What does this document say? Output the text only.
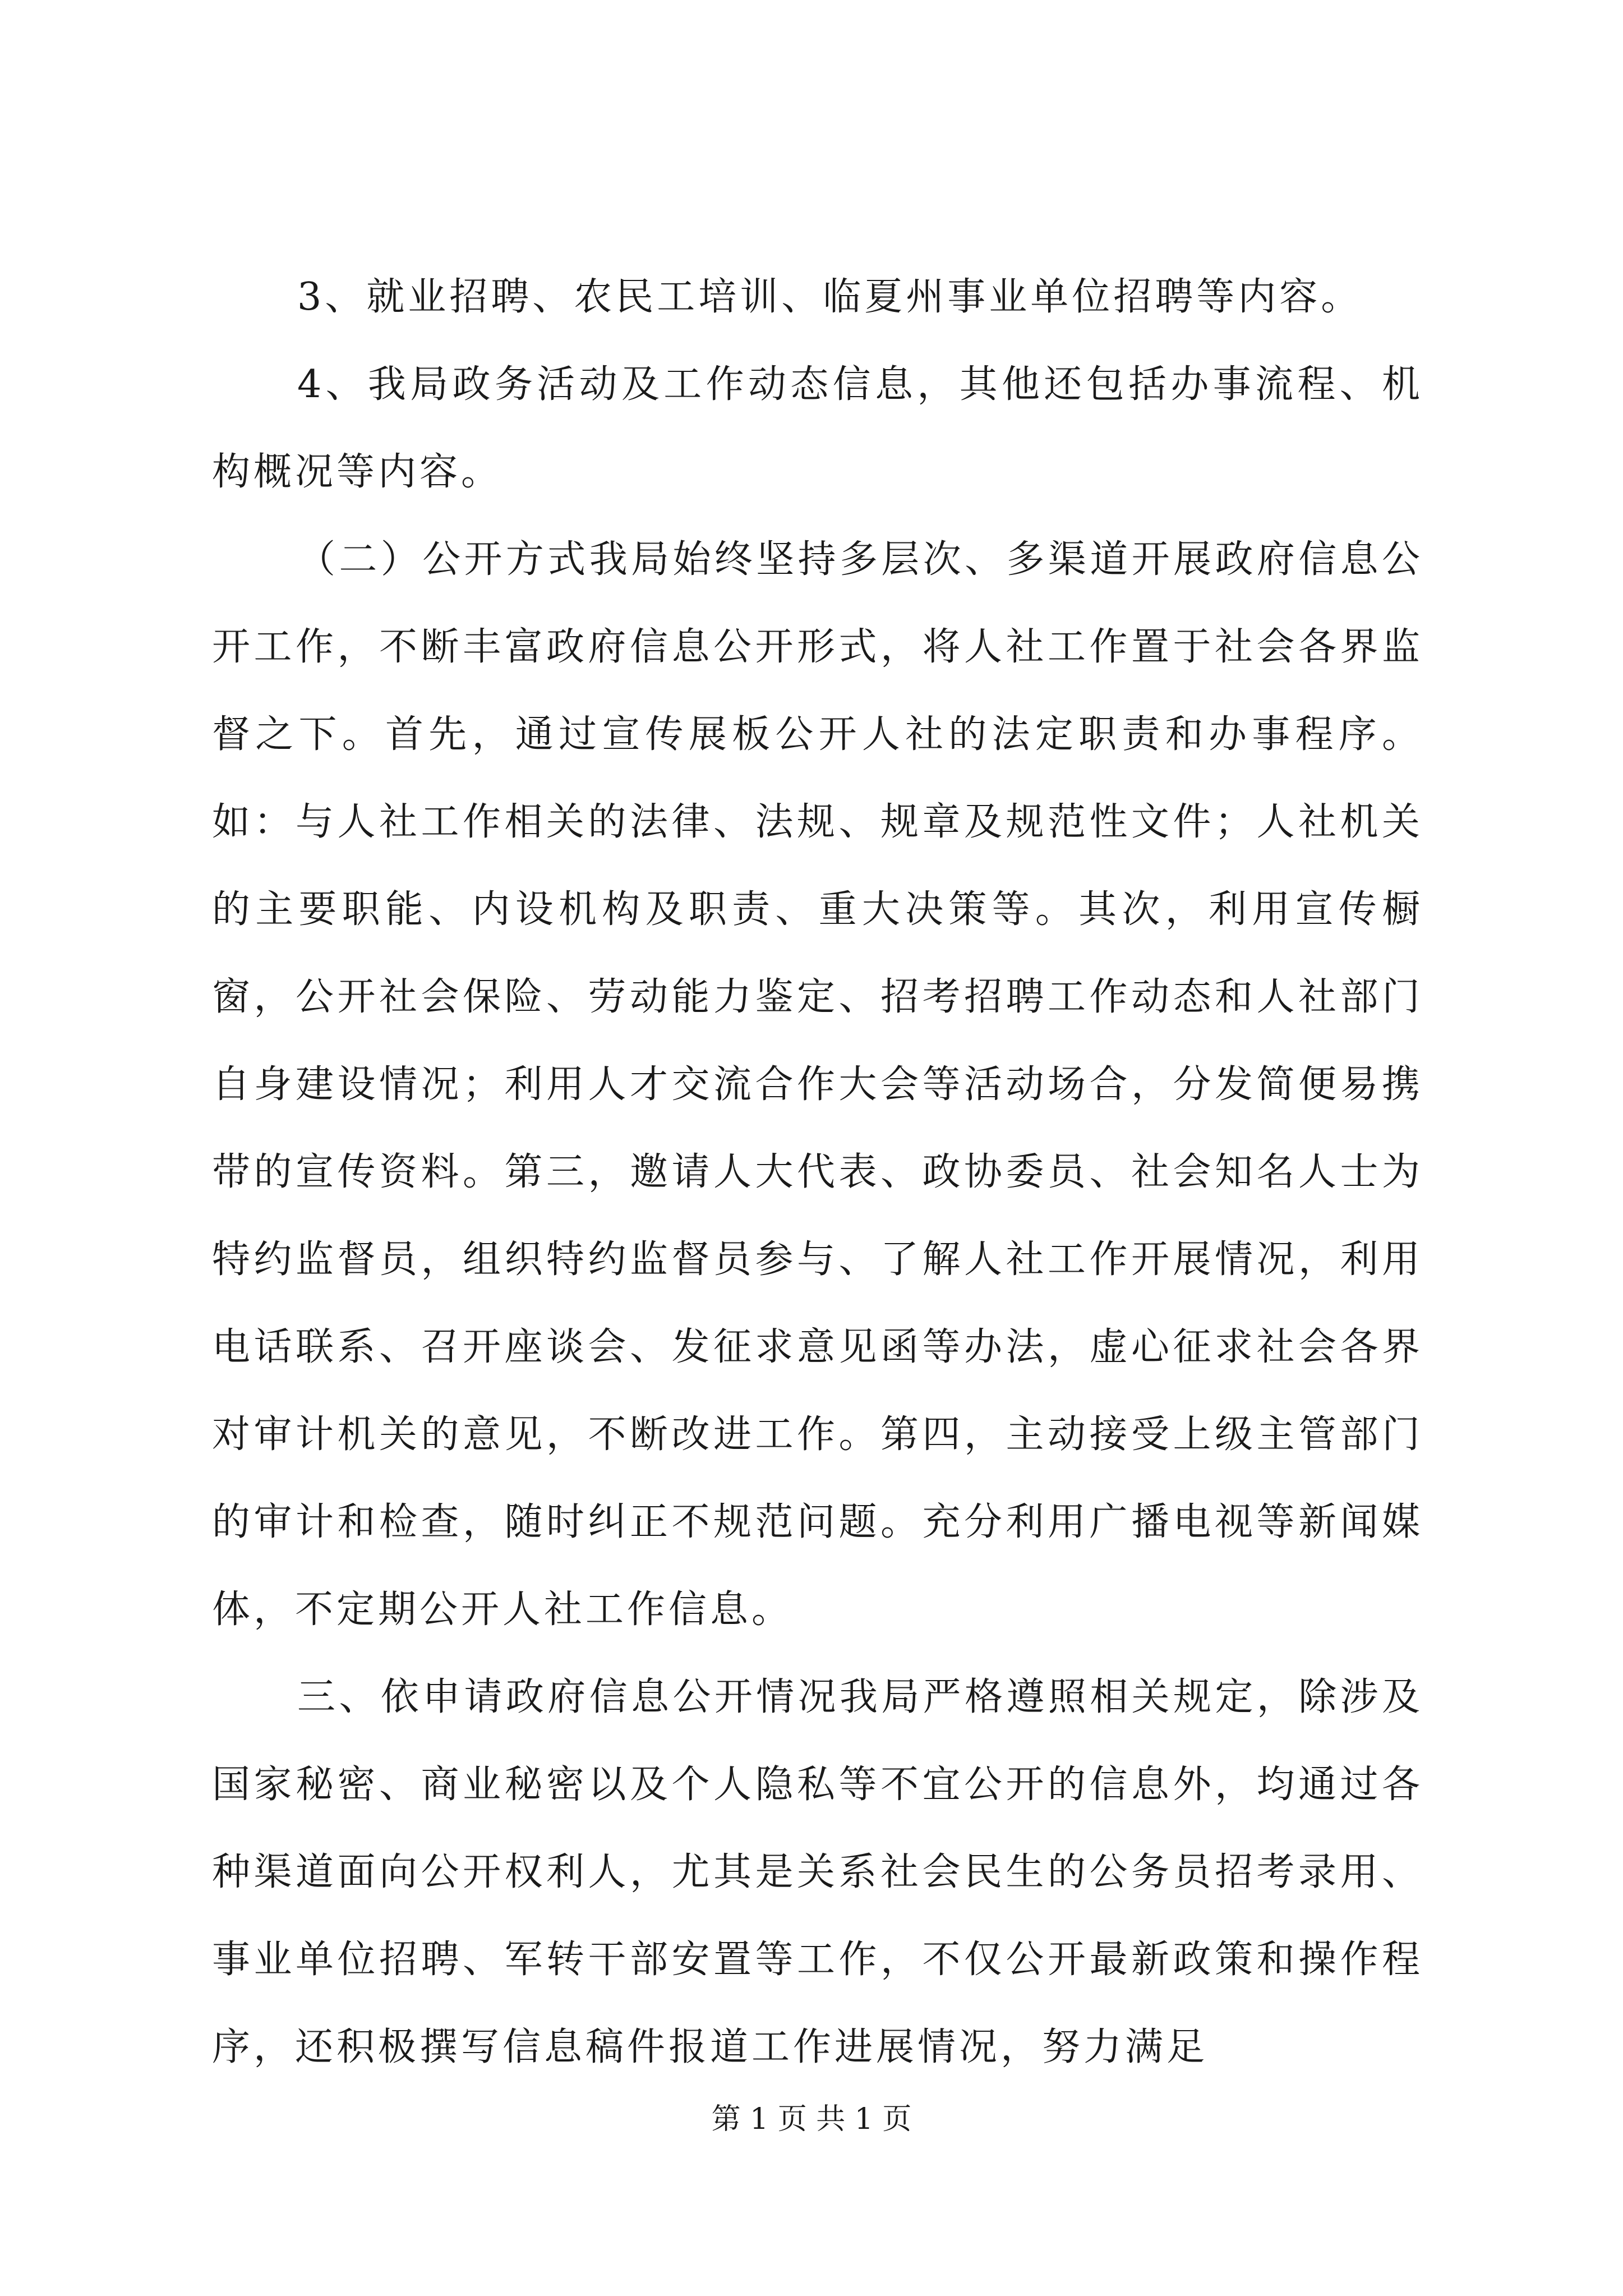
3、就业招聘、农民工培训、临夏州事业单位招聘等内容。

4、我局政务活动及工作动态信息，其他还包括办事流程、机构概况等内容。

（二）公开方式我局始终坚持多层次、多渠道开展政府信息公开工作，不断丰富政府信息公开形式，将人社工作置于社会各界监督之下。首先，通过宣传展板公开人社的法定职责和办事程序。如：与人社工作相关的法律、法规、规章及规范性文件；人社机关的主要职能、内设机构及职责、重大决策等。其次，利用宣传橱窗，公开社会保险、劳动能力鉴定、招考招聘工作动态和人社部门自身建设情况；利用人才交流合作大会等活动场合，分发简便易携带的宣传资料。第三，邀请人大代表、政协委员、社会知名人士为特约监督员，组织特约监督员参与、了解人社工作开展情况，利用电话联系、召开座谈会、发征求意见函等办法，虚心征求社会各界对审计机关的意见，不断改进工作。第四，主动接受上级主管部门的审计和检查，随时纠正不规范问题。充分利用广播电视等新闻媒体，不定期公开人社工作信息。

三、依申请政府信息公开情况我局严格遵照相关规定，除涉及国家秘密、商业秘密以及个人隐私等不宜公开的信息外，均通过各种渠道面向公开权利人，尤其是关系社会民生的公务员招考录用、事业单位招聘、军转干部安置等工作，不仅公开最新政策和操作程序，还积极撰写信息稿件报道工作进展情况，努力满足

第 1 页 共 1 页
